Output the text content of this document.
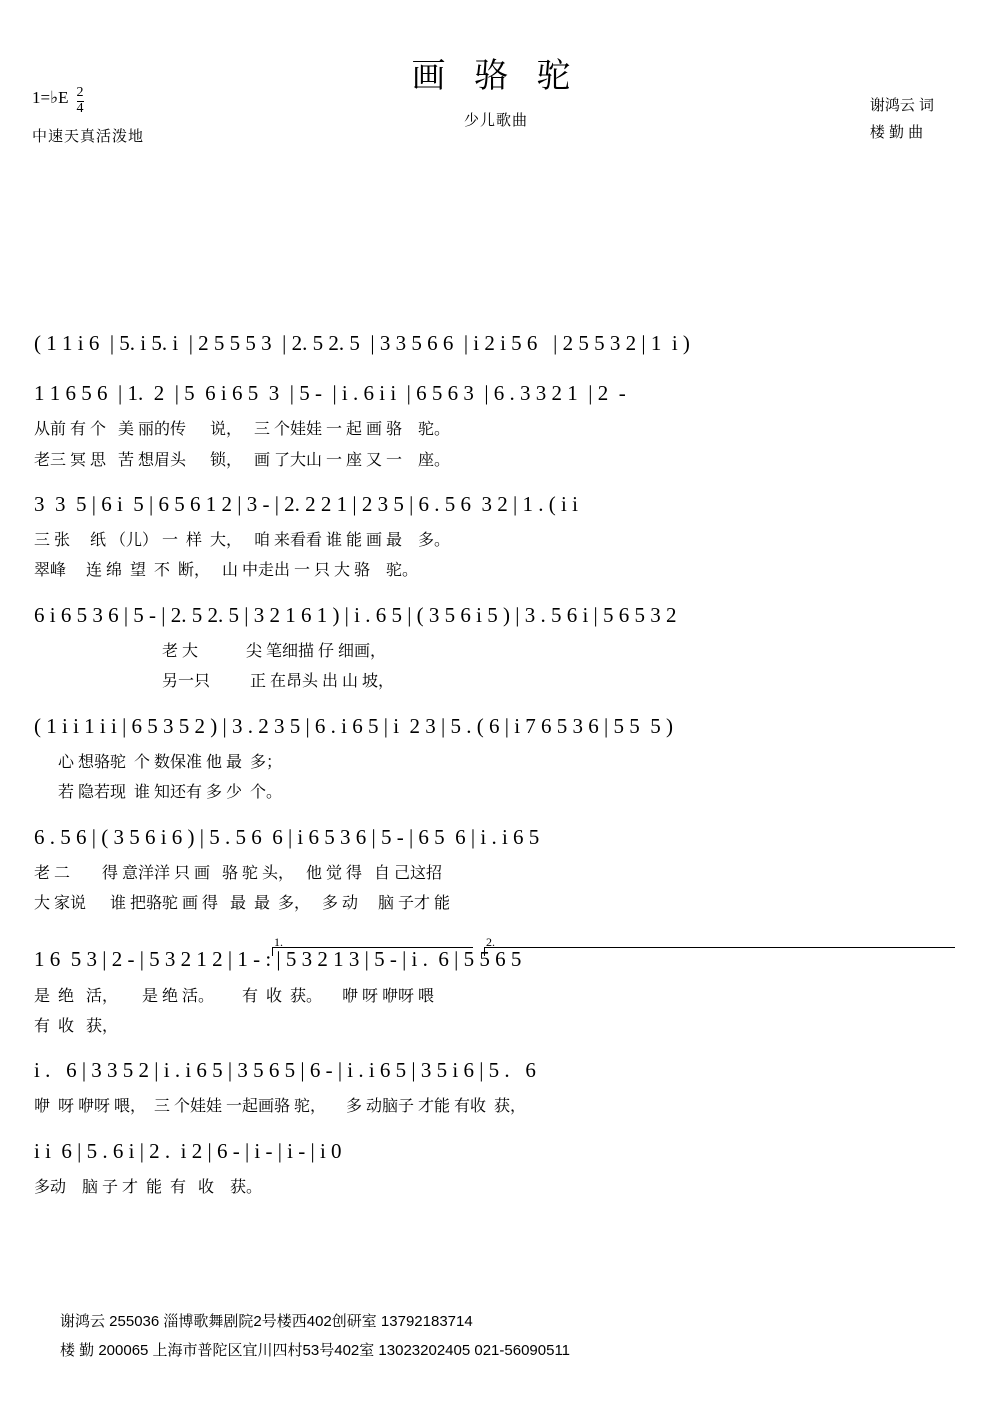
画 骆 驼
少儿歌曲
1=♭E $\frac{2}{4}$
中速天真活泼地
谢鸿云 词
楼 勤 曲
( 1 1 i 6  | 5. i 5. i  | 2 5 5 5 3  | 2. 5 2. 5  | 3 3 5 6 6  | i 2 i 5 6   | 2 5 5 3 2 | 1  i )
1 1 6 5 6  | 1.  2  | 5  6 i 6 5  3  | 5 -  | i . 6 i i  | 6 5 6 3  | 6 . 3 3 2 1  | 2  -
从前 有 个   美 丽的传      说，   三 个娃娃 一 起 画 骆    驼。
老三 冥 思   苦 想眉头      锁，   画 了大山 一 座 又 一    座。
3  3  5 | 6 i  5 | 6 5 6 1 2 | 3 - | 2. 2 2 1 | 2 3 5 | 6 . 5 6  3 2 | 1 . ( i i
三 张     纸 （儿） 一  样  大，   咱 来看看 谁 能 画 最    多。
翠峰     连 绵  望  不  断，   山 中走出 一 只 大 骆    驼。
6 i 6 5 3 6 | 5 - | 2. 5 2. 5 | 3 2 1 6 1 ) | i . 6 5 | ( 3 5 6 i 5 ) | 3 . 5 6 i | 5 6 5 3 2
老 大            尖 笔细描 仔 细画，
另一只          正 在昂头 出 山 坡，
( 1 i i 1 i i | 6 5 3 5 2 ) | 3 . 2 3 5 | 6 . i 6 5 | i  2 3 | 5 . ( 6 | i 7 6 5 3 6 | 5 5  5 )
心 想骆驼  个 数保准 他 最  多；
若 隐若现  谁 知还有 多 少  个。
6 . 5 6 | ( 3 5 6 i 6 ) | 5 . 5 6  6 | i 6 5 3 6 | 5 - | 6 5  6 | i . i 6 5
老 二        得 意洋洋 只 画   骆 驼 头，   他 觉 得   自 己这招
大 家说      谁 把骆驼 画 得   最  最  多，   多 动     脑 子才 能
1.	2.
1 6  5 3 | 2 - | 5 3 2 1 2 | 1 - : | 5 3 2 1 3 | 5 - | i .  6 | 5 5 6 5
是  绝   活，      是 绝 活。       有  收  获。     咿 呀 咿呀 喂
有  收   获，
i .   6 | 3 3 5 2 | i . i 6 5 | 3 5 6 5 | 6 - | i . i 6 5 | 3 5 i 6 | 5 .   6
咿  呀 咿呀 喂，  三 个娃娃 一起画骆 驼，     多 动脑子 才能 有收  获，
i i  6 | 5 . 6 i | 2 .  i 2 | 6 - | i - | i - | i 0
多动    脑 子 才  能  有   收    获。
谢鸿云 255036 淄博歌舞剧院2号楼西402创研室 13792183714
楼 勤 200065 上海市普陀区宜川四村53号402室 13023202405 021-56090511
